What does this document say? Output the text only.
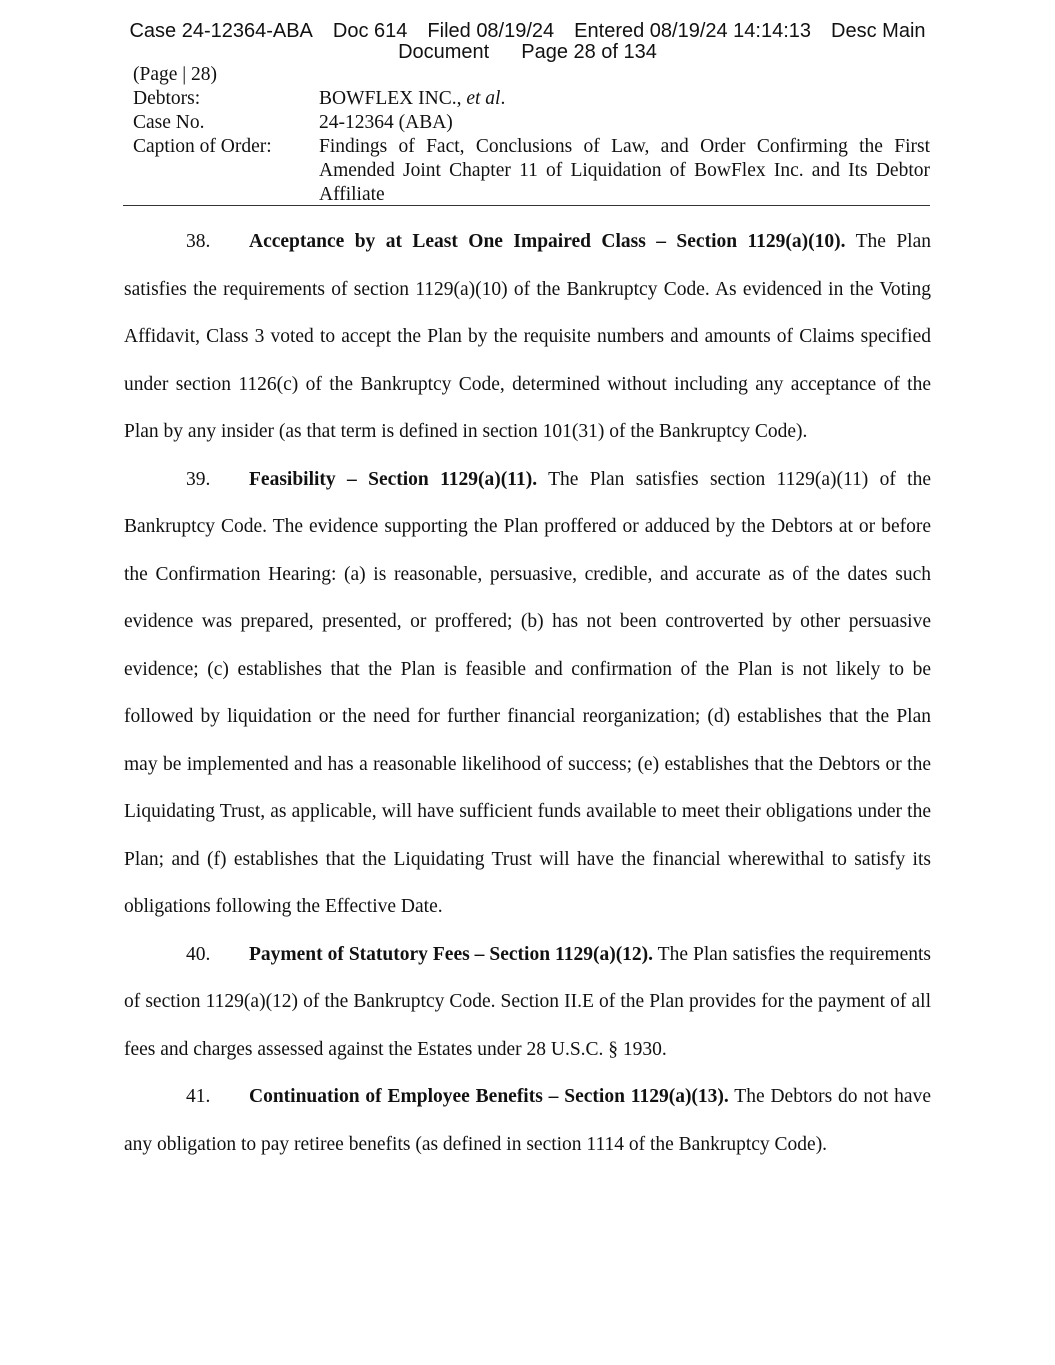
Case 24-12364-ABA Doc 614 Filed 08/19/24 Entered 08/19/24 14:14:13 Desc Main
Document Page 28 of 134
(Page | 28)
Debtors:	BOWFLEX INC., et al.
Case No.	24-12364 (ABA)
Caption of Order:	Findings of Fact, Conclusions of Law, and Order Confirming the First Amended Joint Chapter 11 of Liquidation of BowFlex Inc. and Its Debtor Affiliate

38. Acceptance by at Least One Impaired Class – Section 1129(a)(10). The Plan satisfies the requirements of section 1129(a)(10) of the Bankruptcy Code. As evidenced in the Voting Affidavit, Class 3 voted to accept the Plan by the requisite numbers and amounts of Claims specified under section 1126(c) of the Bankruptcy Code, determined without including any acceptance of the Plan by any insider (as that term is defined in section 101(31) of the Bankruptcy Code).

39. Feasibility – Section 1129(a)(11). The Plan satisfies section 1129(a)(11) of the Bankruptcy Code. The evidence supporting the Plan proffered or adduced by the Debtors at or before the Confirmation Hearing: (a) is reasonable, persuasive, credible, and accurate as of the dates such evidence was prepared, presented, or proffered; (b) has not been controverted by other persuasive evidence; (c) establishes that the Plan is feasible and confirmation of the Plan is not likely to be followed by liquidation or the need for further financial reorganization; (d) establishes that the Plan may be implemented and has a reasonable likelihood of success; (e) establishes that the Debtors or the Liquidating Trust, as applicable, will have sufficient funds available to meet their obligations under the Plan; and (f) establishes that the Liquidating Trust will have the financial wherewithal to satisfy its obligations following the Effective Date.

40. Payment of Statutory Fees – Section 1129(a)(12). The Plan satisfies the requirements of section 1129(a)(12) of the Bankruptcy Code. Section II.E of the Plan provides for the payment of all fees and charges assessed against the Estates under 28 U.S.C. § 1930.

41. Continuation of Employee Benefits – Section 1129(a)(13). The Debtors do not have any obligation to pay retiree benefits (as defined in section 1114 of the Bankruptcy Code).
